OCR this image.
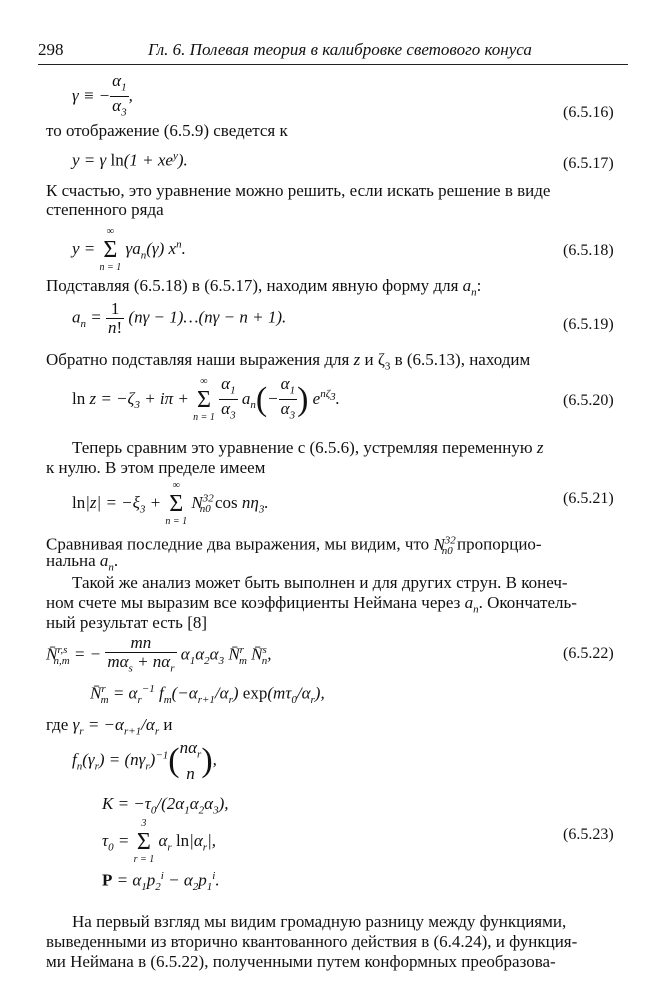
298	Гл. 6. Полевая теория в калибровке светового конуса
γ ≡ − $\frac{\alpha_1}{\alpha_3}$ ,
(6.5.16)
то отображение (6.5.9) сведется к
y = γ $\ln(1 + xe^y)$.	(6.5.17)
К счастью, это уравнение можно решить, если искать решение в виде
степенного ряда
y =
∞
Σ
n = 1
$\gamma a_n(\gamma)$ $x^n$.	(6.5.18)
Подставляя (6.5.18) в (6.5.17), находим явную форму для $a_n$:
$a_n = \frac{1}{n!} (n\gamma$ − 1)…(nγ − n + 1).	(6.5.19)
Обратно подставляя наши выражения для z и $\zeta_3$ в (6.5.13), находим
$\ln z = -\zeta_3 + i\pi$ +
∞
Σ
n = 1
$\frac{\alpha_1}{\alpha_3} a_n(- \frac{\alpha_1}{\alpha_3}$ ) $e^{n\zeta_3}$.	(6.5.20)
Теперь сравним это уравнение с (6.5.6), устремляя переменную z
к нулю. В этом пределе имеем
$\ln|z| = -\xi_3$ +
∞
Σ
n = 1
$N^{32}_{n0}$ $\cos n\eta_3$.	(6.5.21)
Сравнивая последние два выражения, мы видим, что $N^{32}_{n0}$ пропорцио-
нальна $a_n$.
Такой же анализ может быть выполнен и для других струн. В конеч-
ном счете мы выразим все коэффициенты Неймана через $a_n$. Окончатель-
ный результат есть [8]
N̄$^{r,s}_{n,m}$ = − $\frac{mn}{m\alpha_s + n\alpha_r} \alpha_1\alpha_2\alpha_3$ N̄$^r_m$ N̄$^s_n$,	(6.5.22)
N̄$^r_m$ = $\alpha_r^{-1}$ $f_m(-\alpha_{r+1}/\alpha_r)$ $\exp(m\tau_0/\alpha_r)$,
где $\gamma_r = -\alpha_{r+1}/\alpha_r$ и
$f_n(\gamma_r) = (n\gamma_r)^{-1}$( $n\alpha_r$
n ),
$K = -\tau_0/(2\alpha_1\alpha_2\alpha_3)$,
$\tau_0$ =
3
Σ
r = 1
$\alpha_r$ $\ln|\alpha_r|$,	(6.5.23)
$P = \alpha_1p_2^i - \alpha_2p_1^i$.
На первый взгляд мы видим громадную разницу между функциями,
выведенными из вторично квантованного действия в (6.4.24), и функция-
ми Неймана в (6.5.22), полученными путем конформных преобразова-
